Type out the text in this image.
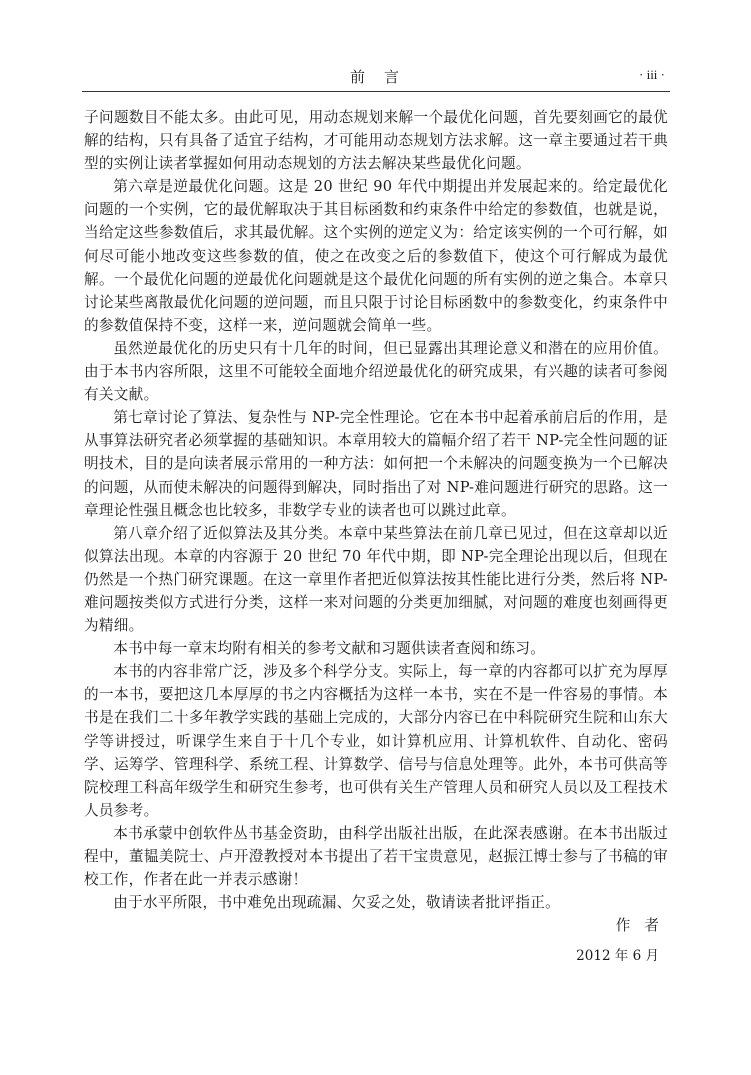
前　言	· iii ·

子问题数目不能太多。由此可见，用动态规划来解一个最优化问题，首先要刻画它的最优解的结构，只有具备了适宜子结构，才可能用动态规划方法求解。这一章主要通过若干典型的实例让读者掌握如何用动态规划的方法去解决某些最优化问题。

第六章是逆最优化问题。这是 20 世纪 90 年代中期提出并发展起来的。给定最优化问题的一个实例，它的最优解取决于其目标函数和约束条件中给定的参数值，也就是说，当给定这些参数值后，求其最优解。这个实例的逆定义为：给定该实例的一个可行解，如何尽可能小地改变这些参数的值，使之在改变之后的参数值下，使这个可行解成为最优解。一个最优化问题的逆最优化问题就是这个最优化问题的所有实例的逆之集合。本章只讨论某些离散最优化问题的逆问题，而且只限于讨论目标函数中的参数变化，约束条件中的参数值保持不变，这样一来，逆问题就会简单一些。

虽然逆最优化的历史只有十几年的时间，但已显露出其理论意义和潜在的应用价值。由于本书内容所限，这里不可能较全面地介绍逆最优化的研究成果，有兴趣的读者可参阅有关文献。

第七章讨论了算法、复杂性与 NP-完全性理论。它在本书中起着承前启后的作用，是从事算法研究者必须掌握的基础知识。本章用较大的篇幅介绍了若干 NP-完全性问题的证明技术，目的是向读者展示常用的一种方法：如何把一个未解决的问题变换为一个已解决的问题，从而使未解决的问题得到解决，同时指出了对 NP-难问题进行研究的思路。这一章理论性强且概念也比较多，非数学专业的读者也可以跳过此章。

第八章介绍了近似算法及其分类。本章中某些算法在前几章已见过，但在这章却以近似算法出现。本章的内容源于 20 世纪 70 年代中期，即 NP-完全理论出现以后，但现在仍然是一个热门研究课题。在这一章里作者把近似算法按其性能比进行分类，然后将 NP-难问题按类似方式进行分类，这样一来对问题的分类更加细腻，对问题的难度也刻画得更为精细。

本书中每一章末均附有相关的参考文献和习题供读者查阅和练习。

本书的内容非常广泛，涉及多个科学分支。实际上，每一章的内容都可以扩充为厚厚的一本书，要把这几本厚厚的书之内容概括为这样一本书，实在不是一件容易的事情。本书是在我们二十多年教学实践的基础上完成的，大部分内容已在中科院研究生院和山东大学等讲授过，听课学生来自于十几个专业，如计算机应用、计算机软件、自动化、密码学、运筹学、管理科学、系统工程、计算数学、信号与信息处理等。此外，本书可供高等院校理工科高年级学生和研究生参考，也可供有关生产管理人员和研究人员以及工程技术人员参考。

本书承蒙中创软件丛书基金资助，由科学出版社出版，在此深表感谢。在本书出版过程中，董韫美院士、卢开澄教授对本书提出了若干宝贵意见，赵振江博士参与了书稿的审校工作，作者在此一并表示感谢！

由于水平所限，书中难免出现疏漏、欠妥之处，敬请读者批评指正。

作者
2012 年 6 月
